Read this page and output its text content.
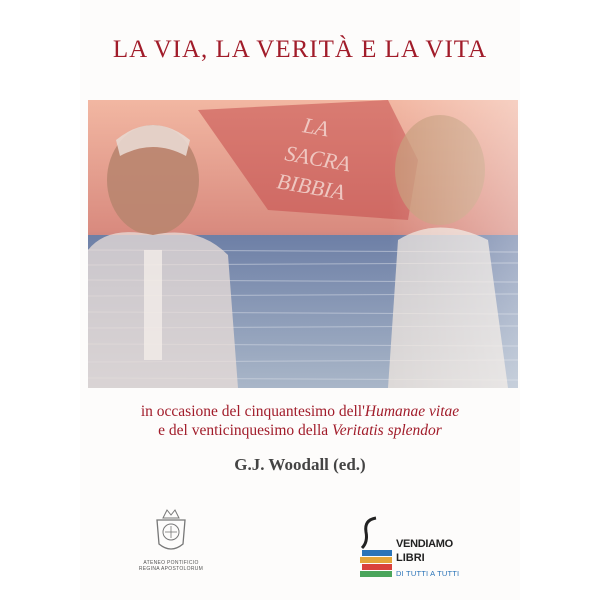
LA VIA, LA VERITÀ E LA VITA
LA
SACRA
BIBBIA
in occasione del cinquantesimo dell'Humanae vitae
e del venticinquesimo della Veritatis splendor
G.J. Woodall (ed.)
ATENEO PONTIFICIO
REGINA APOSTOLORUM
VENDIAMO
LIBRI
DI TUTTI A TUTTI
